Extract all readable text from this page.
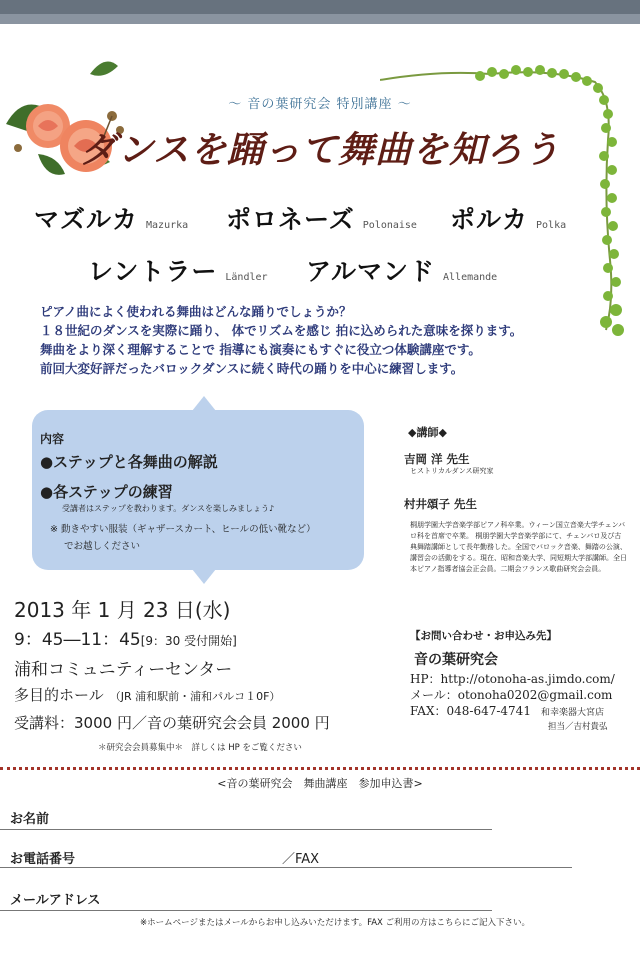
～ 音の葉研究会 特別講座 ～
ダンスを踊って舞曲を知ろう
マズルカ Mazurka ポロネーズ Polonaise ポルカ Polka
レントラー Ländler アルマンド Allemande
ピアノ曲によく使われる舞曲はどんな踊りでしょうか？
１８世紀のダンスを実際に踊り、 体でリズムを感じ 拍に込められた意味を探ります。
舞曲をより深く理解することで 指導にも演奏にもすぐに役立つ体験講座です。
前回大変好評だったバロックダンスに続く時代の踊りを中心に練習します。
内容
●ステップと各舞曲の解説
●各ステップの練習
受講者はステップを教わります。ダンスを楽しみましょう♪
※ 動きやすい服装（ギャザースカート、ヒールの低い靴など）
でお越しください
◆講師◆
吉岡 洋 先生
ヒストリカルダンス研究家
村井頌子 先生
桐朋学園大学音楽学部ピアノ科卒業。ウィーン国立音楽大学チェンバロ科を首席で卒業。 桐朋学園大学音楽学部にて、チェンバロ及び古典舞踏講師として長年勤務した。全国でバロック音楽、舞踏の公演、講習会の活動をする。現在、昭和音楽大学、同短期大学部講師。全日本ピアノ指導者協会正会員。二期会フランス歌曲研究会会員。
2013 年 1 月 23 日(水)
9：45―11：45[9：30 受付開始]
浦和コミュニティーセンター
多目的ホール （JR 浦和駅前・浦和パルコ１0F）
受講料：3000 円／音の葉研究会会員 2000 円
＊研究会会員募集中＊　詳しくは HP をご覧ください
【お問い合わせ・お申込み先】
音の葉研究会
HP：http://otonoha-as.jimdo.com/
メール：otonoha0202@gmail.com
FAX：048-647-4741 和幸楽器大宮店
担当／吉村貴弘
<音の葉研究会　舞曲講座　参加申込書>
お名前
お電話番号	／FAX
メールアドレス
※ホームページまたはメールからお申し込みいただけます。FAX ご利用の方はこちらにご記入下さい。
